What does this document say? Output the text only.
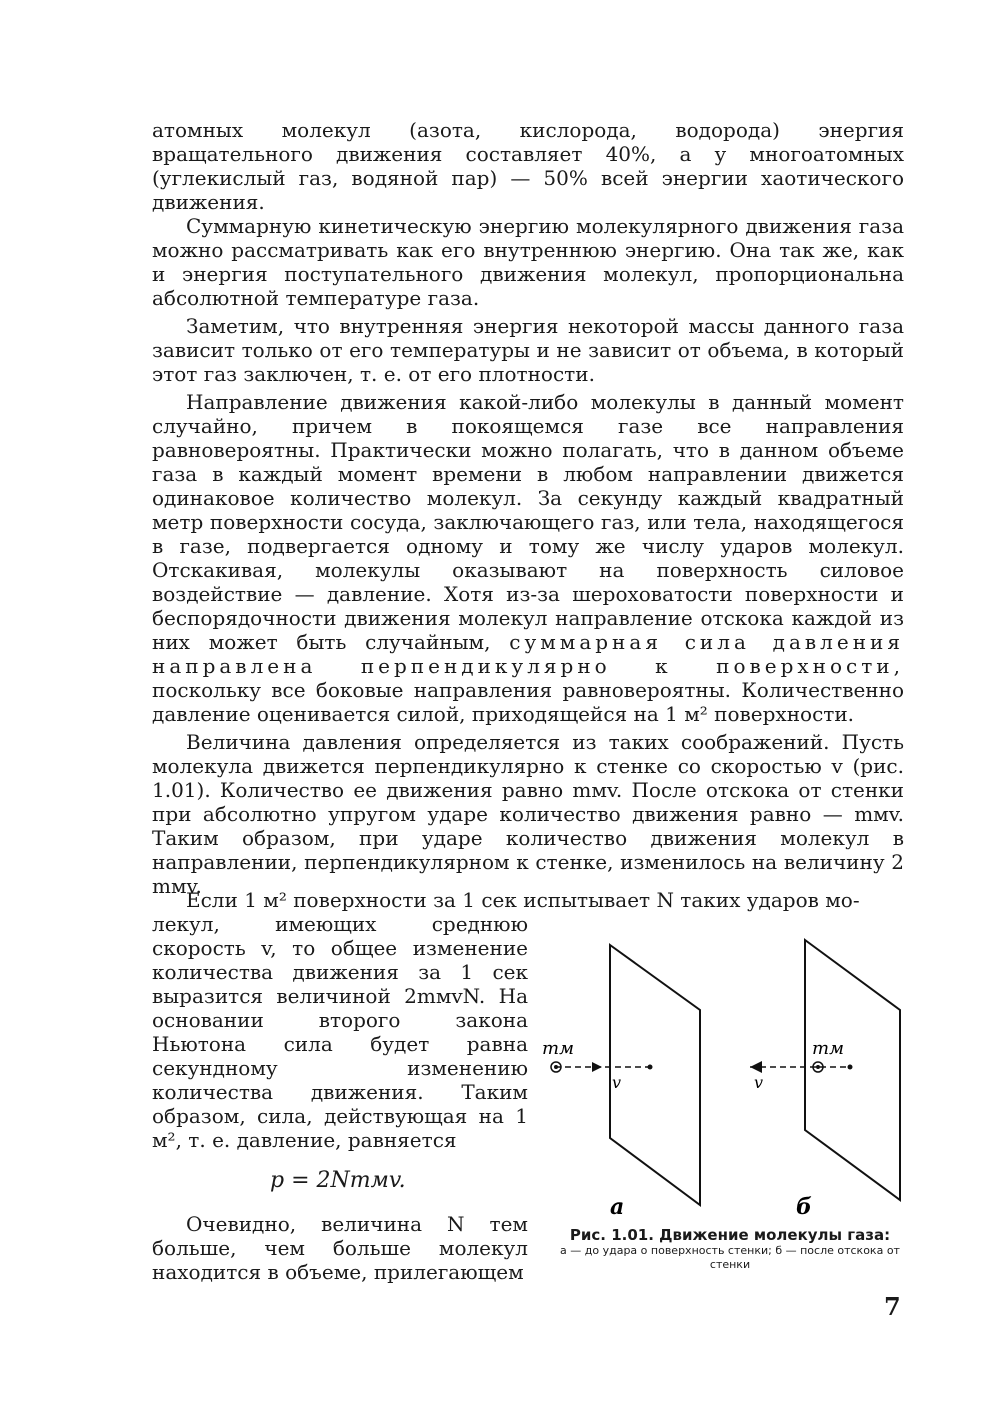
атомных молекул (азота, кислорода, водорода) энергия вращательного движения составляет 40%, а у многоатомных (углекислый газ, водяной пар) — 50% всей энергии хаотического движения.

Суммарную кинетическую энергию молекулярного движения газа можно рассматривать как его внутреннюю энергию. Она так же, как и энергия поступательного движения молекул, пропорциональна абсолютной температуре газа.

Заметим, что внутренняя энергия некоторой массы данного газа зависит только от его температуры и не зависит от объема, в который этот газ заключен, т. е. от его плотности.

Направление движения какой-либо молекулы в данный момент случайно, причем в покоящемся газе все направления равновероятны. Практически можно полагать, что в данном объеме газа в каждый момент времени в любом направлении движется одинаковое количество молекул. За секунду каждый квадратный метр поверхности сосуда, заключающего газ, или тела, находящегося в газе, подвергается одному и тому же числу ударов молекул. Отскакивая, молекулы оказывают на поверхность силовое воздействие — давление. Хотя из-за шероховатости поверхности и беспорядочности движения молекул направление отскока каждой из них может быть случайным, суммарная сила давления направлена перпендикулярно к поверхности, поскольку все боковые направления равновероятны. Количественно давление оценивается силой, приходящейся на 1 м² поверхности.

Величина давления определяется из таких соображений. Пусть молекула движется перпендикулярно к стенке со скоростью v (рис. 1.01). Количество ее движения равно mмv. После отскока от стенки при абсолютно упругом ударе количество движения равно — mмv. Таким образом, при ударе количество движения молекул в направлении, перпендикулярном к стенке, изменилось на величину 2 mмv.

Если 1 м² поверхности за 1 сек испытывает N таких ударов мо-
лекул, имеющих среднюю скорость v, то общее изменение количества движения за 1 сек выразится величиной 2mмvN. На основании второго закона Ньютона сила будет равна секундному изменению количества движения. Таким образом, сила, действующая на 1 м², т. е. давление, равняется
p = 2Nmмv.
Очевидно, величина N тем больше, чем больше молекул находится в объеме, прилегающем
mм
v
а
mм
v
б
Рис. 1.01. Движение молекулы газа:
а — до удара о поверхность стенки; б — после отскока от стенки
7
